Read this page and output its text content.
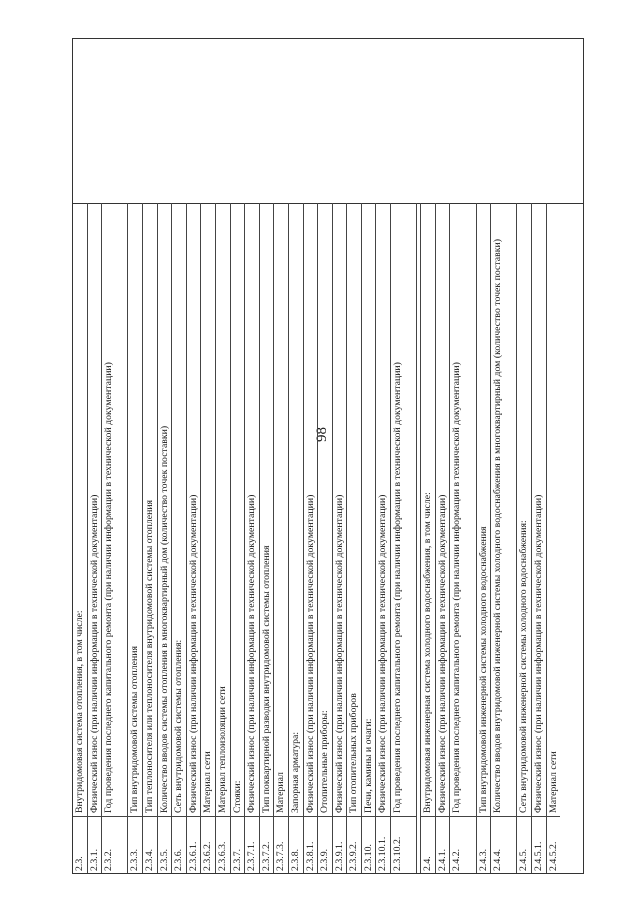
98
2.3.
Внутридомовая система отопления, в том числе:
2.3.1.
Физический износ (при наличии информации в технической документации)
2.3.2.
Год проведения последнего капитального ремонта (при наличии информации в технической документации)
2.3.3.
Тип внутридомовой системы отопления
2.3.4.
Тип теплоносителя или теплоносителя внутридомовой системы отопления
2.3.5.
Количество вводов системы отопления в многоквартирный дом (количество точек поставки)
2.3.6.
Сеть внутридомовой системы отопления:
2.3.6.1.
Физический износ (при наличии информации в технической документации)
2.3.6.2.
Материал сети
2.3.6.3.
Материал теплоизоляции сети
2.3.7.
Стояки:
2.3.7.1.
Физический износ (при наличии информации в технической документации)
2.3.7.2.
Тип поквартирной разводки внутридомовой системы отопления
2.3.7.3.
Материал
2.3.8.
Запорная арматура:
2.3.8.1.
Физический износ (при наличии информации в технической документации)
2.3.9.
Отопительные приборы:
2.3.9.1.
Физический износ (при наличии информации в технической документации)
2.3.9.2.
Тип отопительных приборов
2.3.10.
Печи, камины и очаги:
2.3.10.1.
Физический износ (при наличии информации в технической документации)
2.3.10.2.
Год проведения последнего капитального ремонта (при наличии информации в технической документации)
2.4.
Внутридомовая инженерная система холодного водоснабжения, в том числе:
2.4.1.
Физический износ (при наличии информации в технической документации)
2.4.2.
Год проведения последнего капитального ремонта (при наличии информации в технической документации)
2.4.3.
Тип внутридомовой инженерной системы холодного водоснабжения
2.4.4.
Количество вводов внутридомовой инженерной системы холодного водоснабжения в многоквартирный дом (количество точек поставки)
2.4.5.
Сеть внутридомовой инженерной системы холодного водоснабжения:
2.4.5.1.
Физический износ (при наличии информации в технической документации)
2.4.5.2.
Материал сети
